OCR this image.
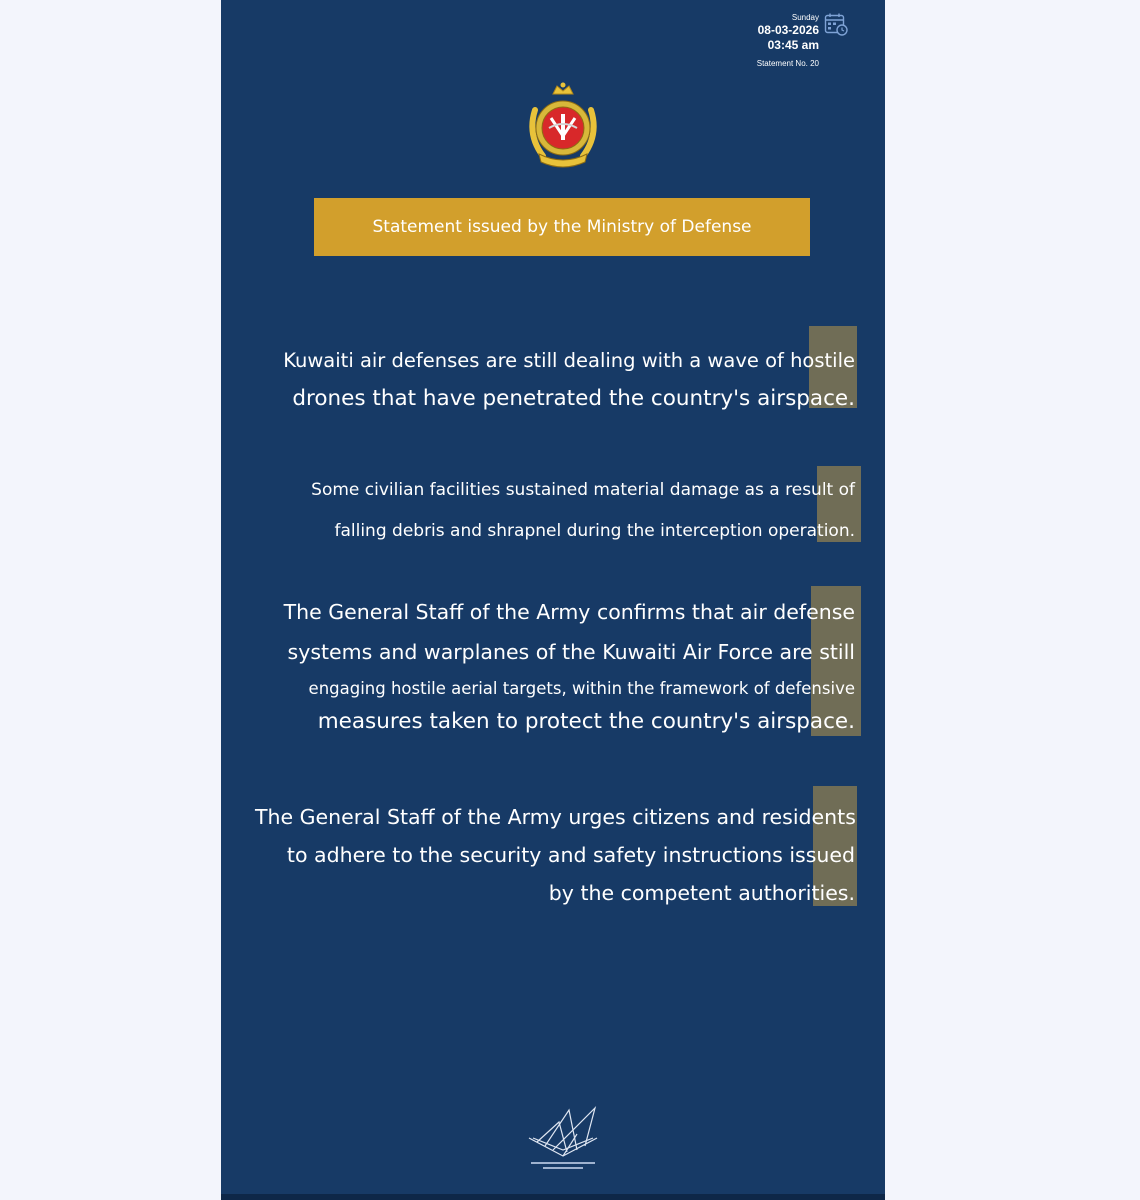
Sunday
08-03-2026
03:45 am
Statement No. 20
Statement issued by the Ministry of Defense

Kuwaiti air defenses are still dealing with a wave of hostile

drones that have penetrated the country's airspace.

Some civilian facilities sustained material damage as a result of

falling debris and shrapnel during the interception operation.

The General Staff of the Army confirms that air defense

systems and warplanes of the Kuwaiti Air Force are still

engaging hostile aerial targets, within the framework of defensive

measures taken to protect the country's airspace.

The General Staff of the Army urges citizens and residents

to adhere to the security and safety instructions issued

by the competent authorities.
